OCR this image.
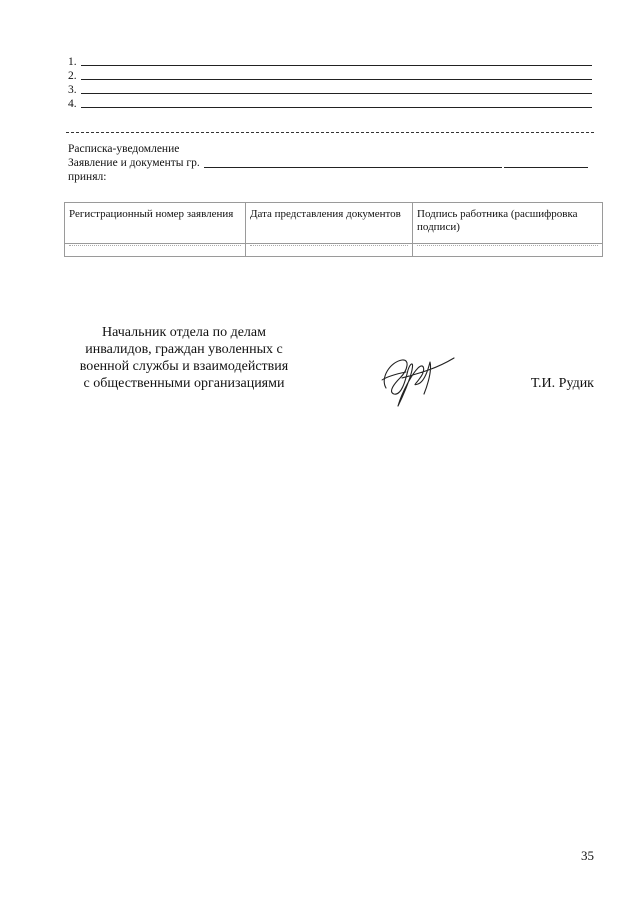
1.
2.
3.
4.
Расписка-уведомление
Заявление и документы гр.
принял:
Регистрационный номер заявления	Дата представления документов	Подпись работника (расшифровка подписи)

Начальник отдела по делам
инвалидов, граждан уволенных с
военной службы и взаимодействия
с общественными организациями	Т.И. Рудик
35
